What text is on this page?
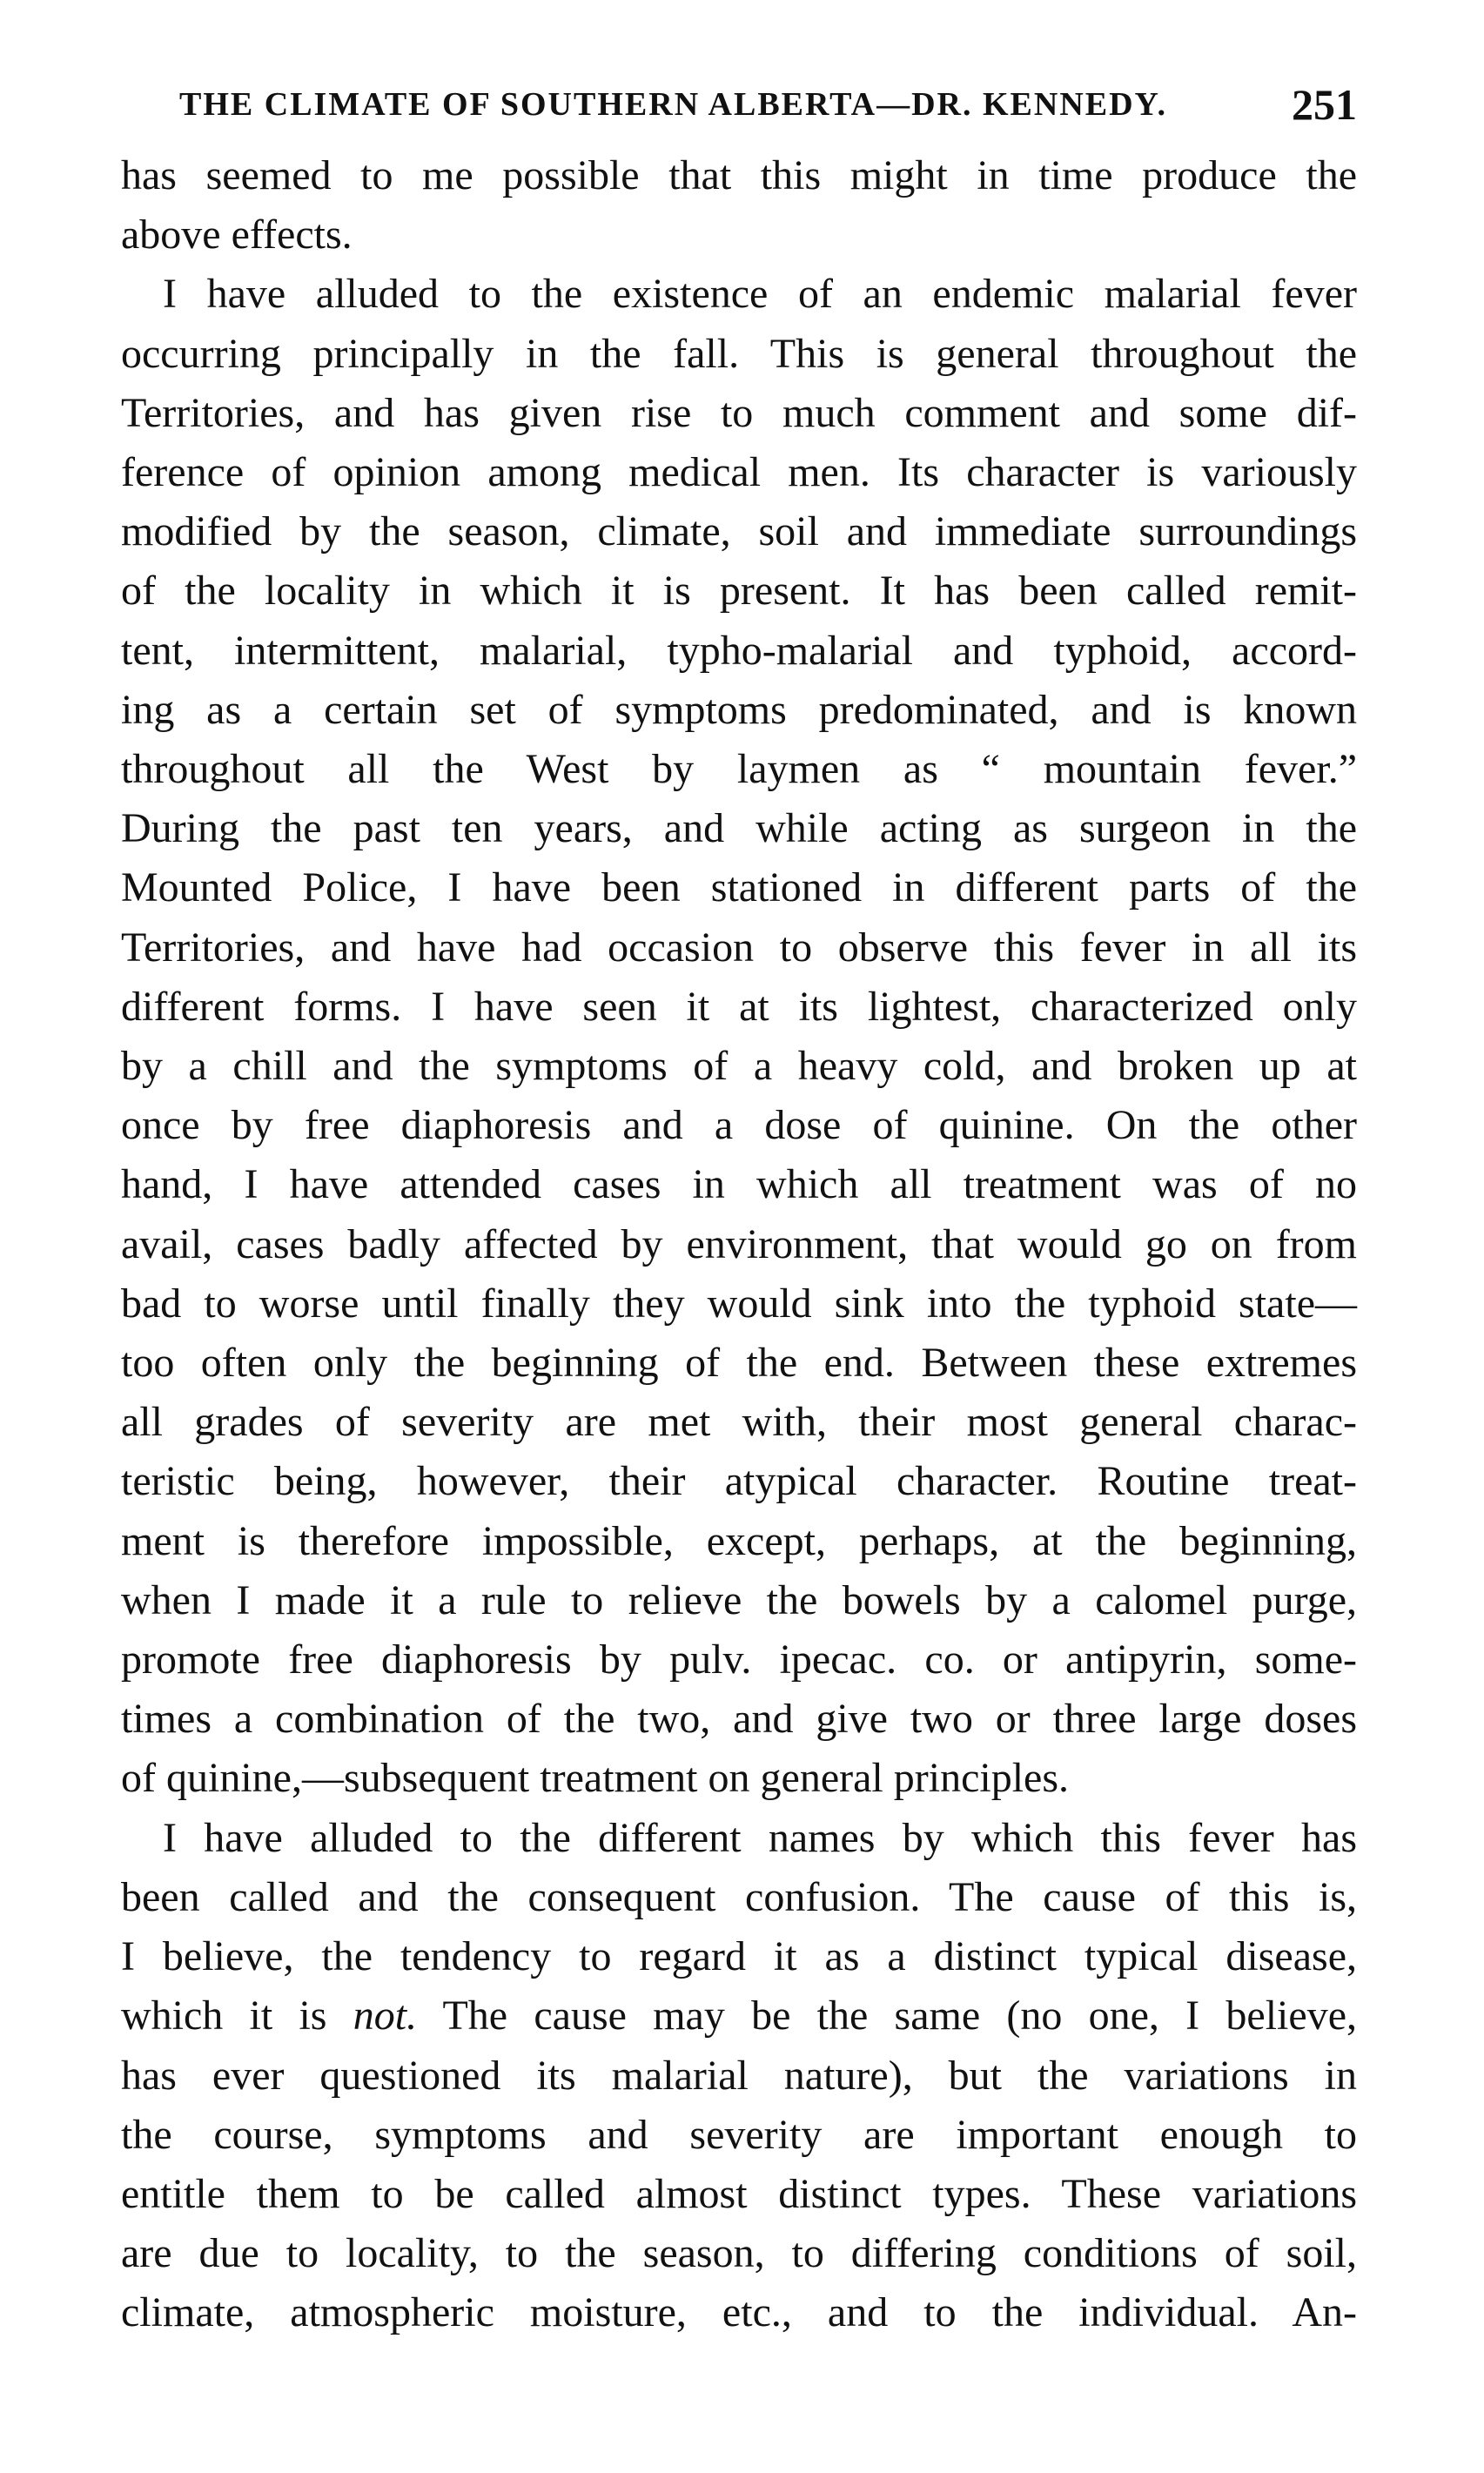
THE CLIMATE OF SOUTHERN ALBERTA—DR. KENNEDY.	251

has seemed to me possible that this might in time produce the
above effects.

I have alluded to the existence of an endemic malarial fever
occurring principally in the fall. This is general throughout the
Territories, and has given rise to much comment and some dif-
ference of opinion among medical men. Its character is variously
modified by the season, climate, soil and immediate surroundings
of the locality in which it is present. It has been called remit-
tent, intermittent, malarial, typho-malarial and typhoid, accord-
ing as a certain set of symptoms predominated, and is known
throughout all the West by laymen as “ mountain fever.”
During the past ten years, and while acting as surgeon in the
Mounted Police, I have been stationed in different parts of the
Territories, and have had occasion to observe this fever in all its
different forms. I have seen it at its lightest, characterized only
by a chill and the symptoms of a heavy cold, and broken up at
once by free diaphoresis and a dose of quinine. On the other
hand, I have attended cases in which all treatment was of no
avail, cases badly affected by environment, that would go on from
bad to worse until finally they would sink into the typhoid state—
too often only the beginning of the end. Between these extremes
all grades of severity are met with, their most general charac-
teristic being, however, their atypical character. Routine treat-
ment is therefore impossible, except, perhaps, at the beginning,
when I made it a rule to relieve the bowels by a calomel purge,
promote free diaphoresis by pulv. ipecac. co. or antipyrin, some-
times a combination of the two, and give two or three large doses
of quinine,—subsequent treatment on general principles.

I have alluded to the different names by which this fever has
been called and the consequent confusion. The cause of this is,
I believe, the tendency to regard it as a distinct typical disease,
which it is not. The cause may be the same (no one, I believe,
has ever questioned its malarial nature), but the variations in
the course, symptoms and severity are important enough to
entitle them to be called almost distinct types. These variations
are due to locality, to the season, to differing conditions of soil,
climate, atmospheric moisture, etc., and to the individual. An-
